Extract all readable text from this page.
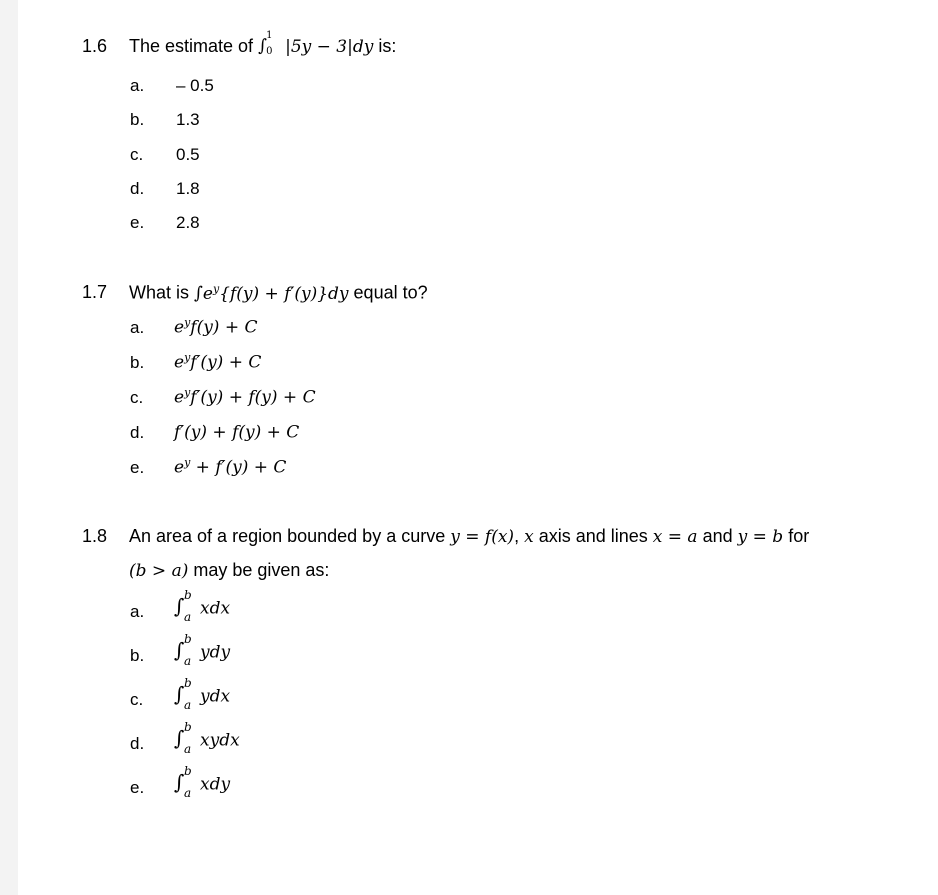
1.6 The estimate of ∫
1
0 |5y − 3|dy is:
a. – 0.5
b. 1.3
c. 0.5
d. 1.8
e. 2.8
1.7 What is $\int e^y\{f(y) + f'(y)\}dy$ equal to?
a. $e^yf(y) + C$
b. $e^yf'(y) + C$
c. $e^yf'(y) + f(y) + C$
d. f′(y) + f(y) + C
e. $e^y + f'(y) + C$
1.8 An area of a region bounded by a curve y = f(x), x axis and lines x = a and y = b for
(b > a) may be given as:
a. ∫ b
a xdx
b. ∫ b
a ydy
c. ∫ b
a ydx
d. ∫ b
a xydx
e. ∫ b
a xdy
